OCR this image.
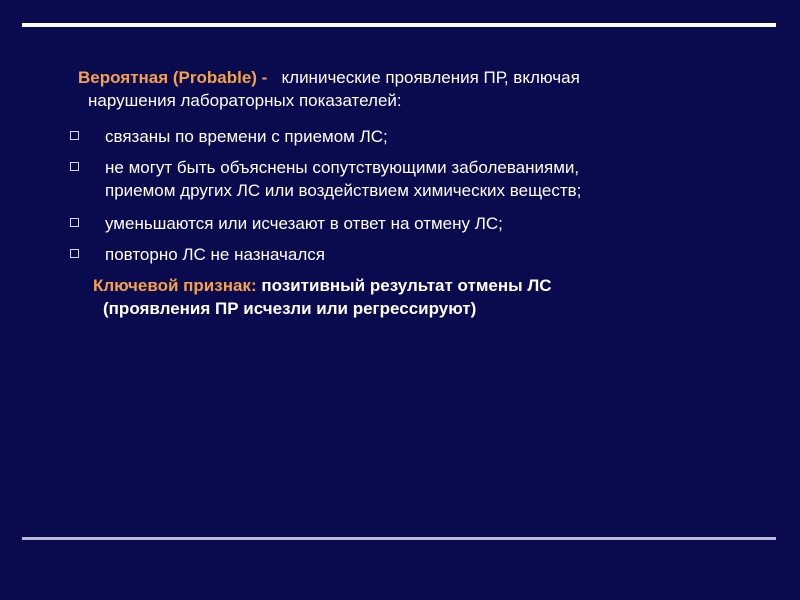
Вероятная (Probable) - клинические проявления ПР, включая
нарушения лабораторных показателей:
связаны по времени с приемом ЛС;
не могут быть объяснены сопутствующими заболеваниями,
приемом других ЛС или воздействием химических веществ;
уменьшаются или исчезают в ответ на отмену ЛС;
повторно ЛС не назначался
Ключевой признак: позитивный результат отмены ЛС
(проявления ПР исчезли или регрессируют)
